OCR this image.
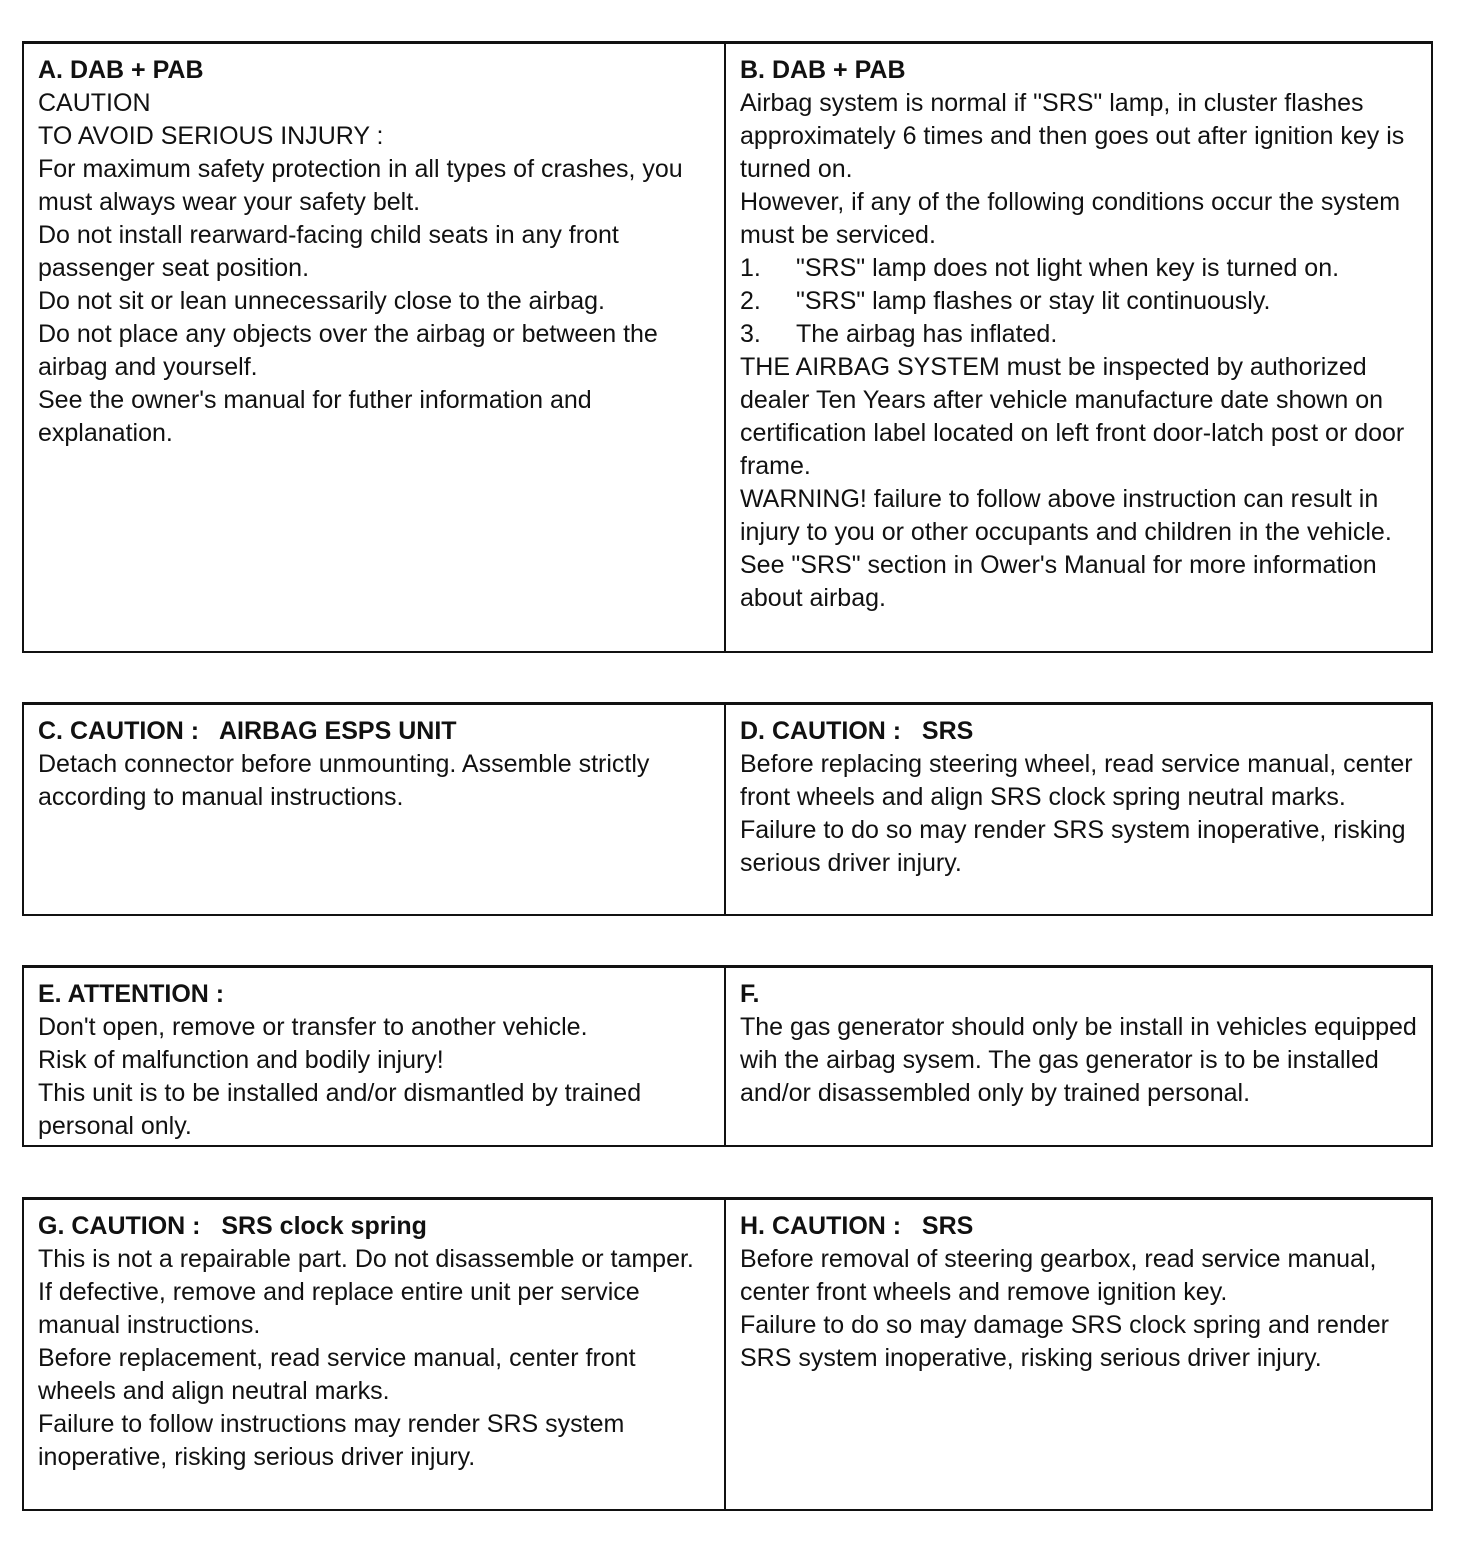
A. DAB + PAB
CAUTION
TO AVOID SERIOUS INJURY :
For maximum safety protection in all types of crashes, you must always wear your safety belt.
Do not install rearward-facing child seats in any front passenger seat position.
Do not sit or lean unnecessarily close to the airbag.
Do not place any objects over the airbag or between the airbag and yourself.
See the owner's manual for futher information and explanation.
B. DAB + PAB
Airbag system is normal if "SRS" lamp, in cluster flashes approximately 6 times and then goes out after ignition key is turned on.
However, if any of the following conditions occur the system must be serviced.
1.	"SRS" lamp does not light when key is turned on.
2.	"SRS" lamp flashes or stay lit continuously.
3.	The airbag has inflated.
THE AIRBAG SYSTEM must be inspected by authorized dealer Ten Years after vehicle manufacture date shown on certification label located on left front door-latch post or door frame.
WARNING! failure to follow above instruction can result in injury to you or other occupants and children in the vehicle.
See "SRS" section in Ower's Manual for more information about airbag.
C. CAUTION :   AIRBAG ESPS UNIT
Detach connector before unmounting. Assemble strictly according to manual instructions.
D. CAUTION :   SRS
Before replacing steering wheel, read service manual, center front wheels and align SRS clock spring neutral marks.
Failure to do so may render SRS system inoperative, risking serious driver injury.
E. ATTENTION :
Don't open, remove or transfer to another vehicle.
Risk of malfunction and bodily injury!
This unit is to be installed and/or dismantled by trained personal only.
F.
The gas generator should only be install in vehicles equipped wih the airbag sysem. The gas generator is to be installed and/or disassembled only by trained personal.
G. CAUTION :   SRS clock spring
This is not a repairable part. Do not disassemble or tamper.
If defective, remove and replace entire unit per service manual instructions.
Before replacement, read service manual, center front wheels and align neutral marks.
Failure to follow instructions may render SRS system inoperative, risking serious driver injury.
H. CAUTION :   SRS
Before removal of steering gearbox, read service manual, center front wheels and remove ignition key.
Failure to do so may damage SRS clock spring and render SRS system inoperative, risking serious driver injury.
